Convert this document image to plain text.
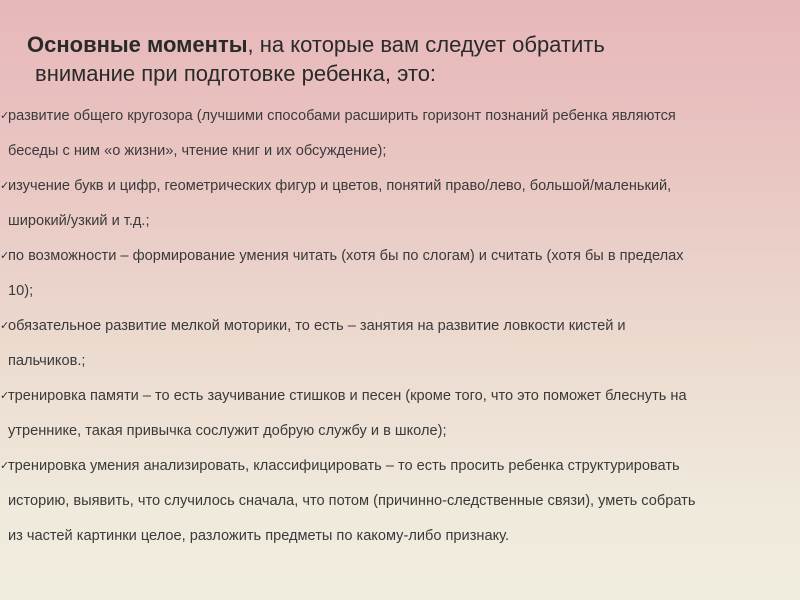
Основные моменты, на которые вам следует обратить
внимание при подготовке ребенка, это:
✓
развитие общего кругозора (лучшими способами расширить горизонт познаний ребенка являются
беседы с ним «о жизни», чтение книг и их обсуждение);
✓
изучение букв и цифр, геометрических фигур и цветов, понятий право/лево, большой/маленький,
широкий/узкий и т.д.;
✓
по возможности – формирование умения читать (хотя бы по слогам) и считать (хотя бы в пределах
10);
✓
обязательное развитие мелкой моторики, то есть – занятия на развитие ловкости кистей и
пальчиков.;
✓
тренировка памяти – то есть заучивание стишков и песен (кроме того, что это поможет блеснуть на
утреннике, такая привычка сослужит добрую службу и в школе);
✓
тренировка умения анализировать, классифицировать – то есть просить ребенка структурировать
историю, выявить, что случилось сначала, что потом (причинно-следственные связи), уметь собрать
из частей картинки целое, разложить предметы по какому-либо признаку.
